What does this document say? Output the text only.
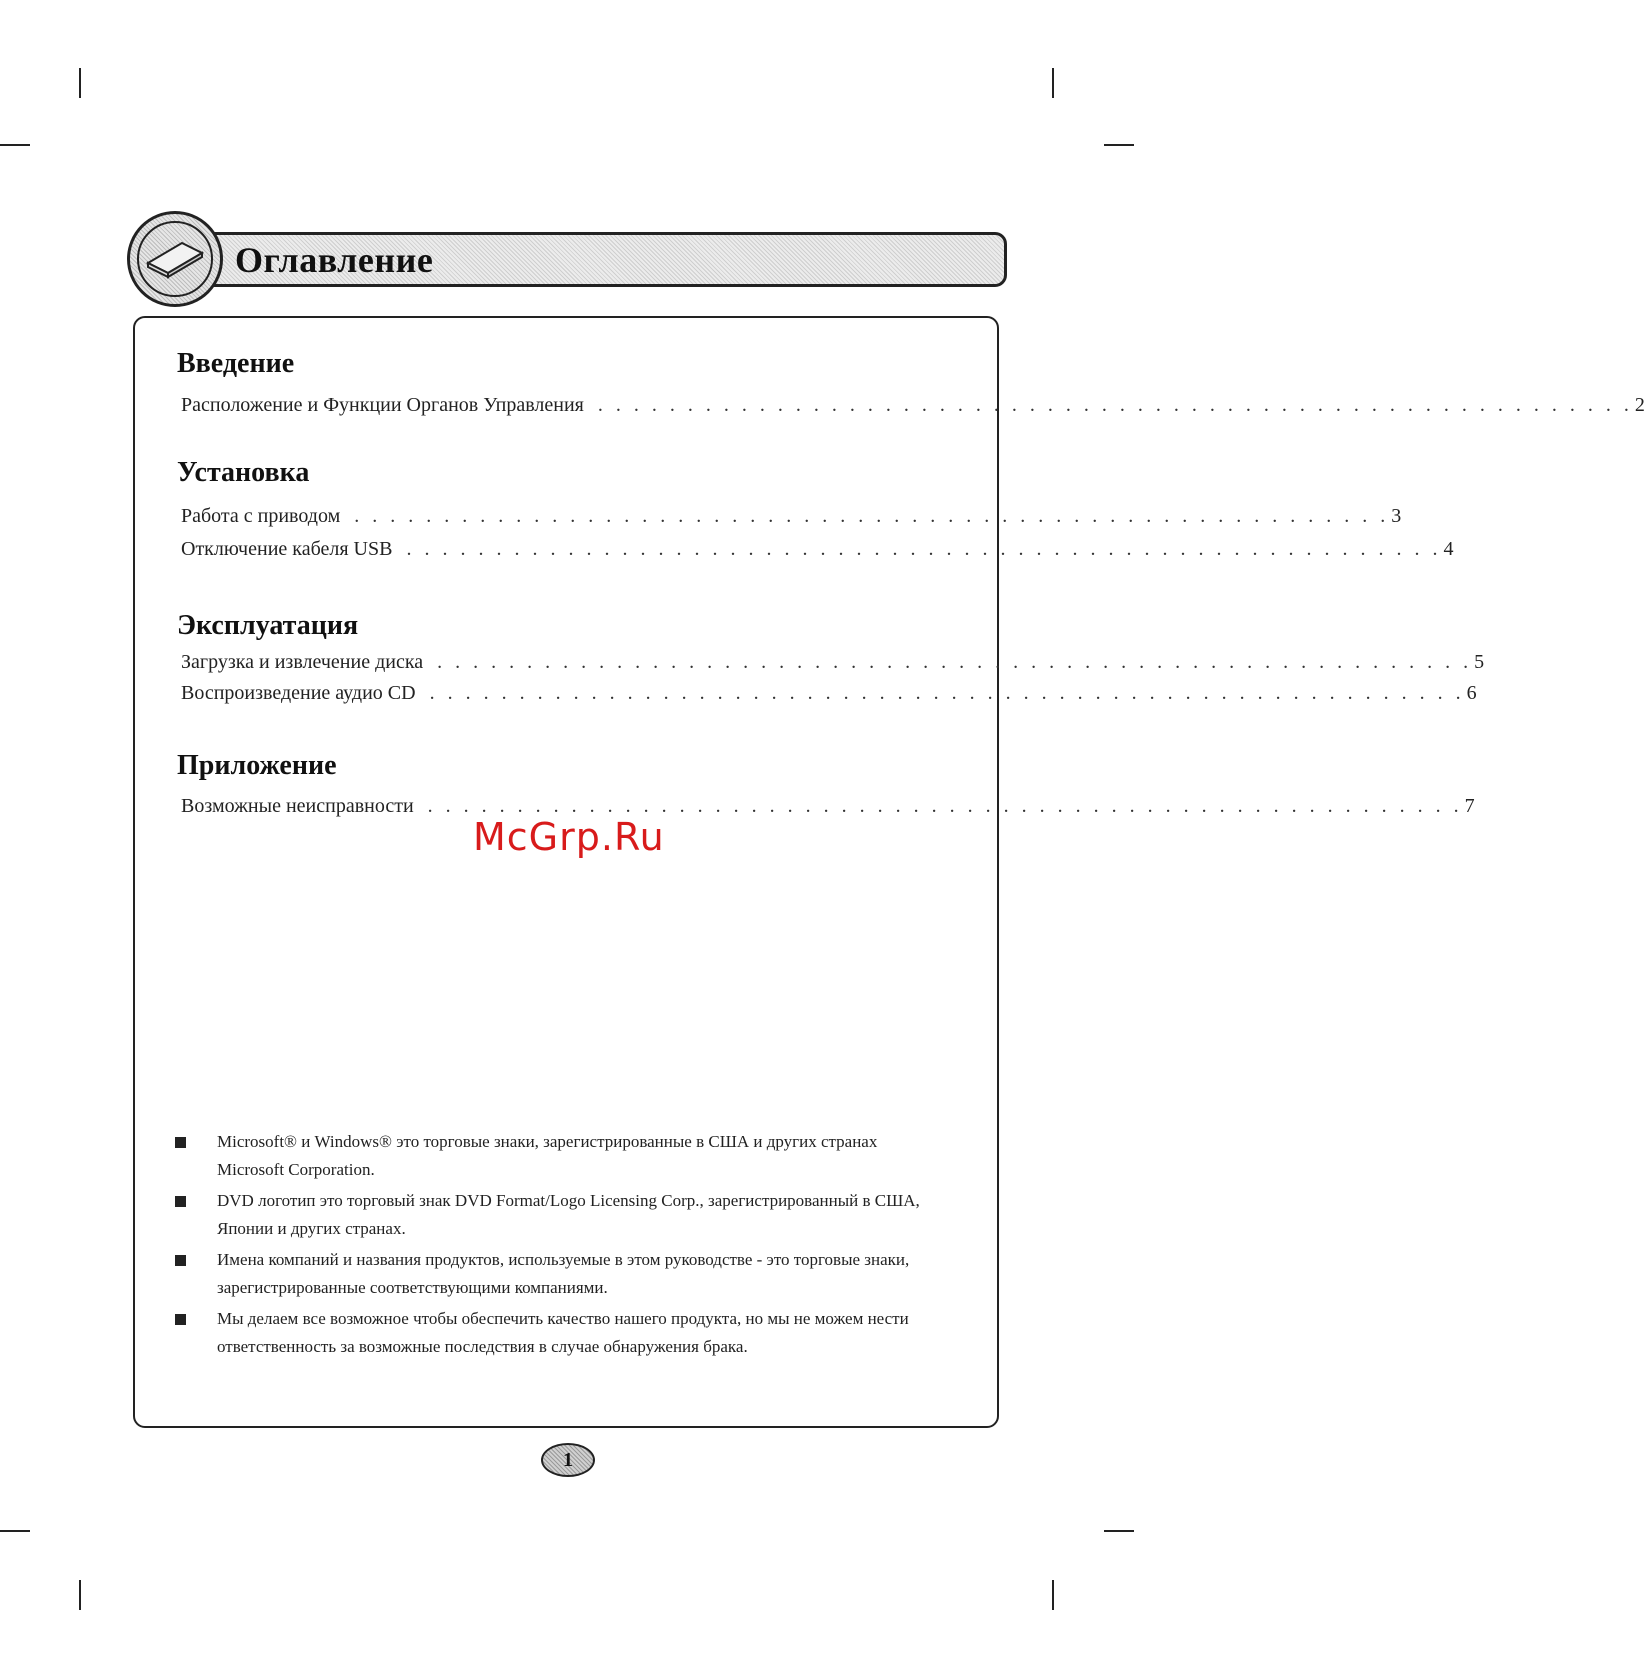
Оглавление
Введение
Расположение и Функции Органов Управления . . . . . . . . . . . . . . . . . . . . . . . . . . . . . . . . . . . . . . . . . . . . . . . . . . . . . . . . . . 2
Установка
Работа с приводом . . . . . . . . . . . . . . . . . . . . . . . . . . . . . . . . . . . . . . . . . . . . . . . . . . . . . . . . . . 3
Отключение кабеля USB . . . . . . . . . . . . . . . . . . . . . . . . . . . . . . . . . . . . . . . . . . . . . . . . . . . . . . . . . . 4
Эксплуатация
Загрузка и извлечение диска . . . . . . . . . . . . . . . . . . . . . . . . . . . . . . . . . . . . . . . . . . . . . . . . . . . . . . . . . . 5
Воспроизведение аудио CD . . . . . . . . . . . . . . . . . . . . . . . . . . . . . . . . . . . . . . . . . . . . . . . . . . . . . . . . . . 6
Приложение
Возможные неисправности . . . . . . . . . . . . . . . . . . . . . . . . . . . . . . . . . . . . . . . . . . . . . . . . . . . . . . . . . . 7
Microsoft® и Windows® это торговые знаки, зарегистрированные в США и других странах Microsoft Corporation.
DVD логотип это торговый знак DVD Format/Logo Licensing Corp., зарегистрированный в США, Японии и других странах.
Имена компаний и названия продуктов, используемые в этом руководстве - это торговые знаки, зарегистрированные соответствующими компаниями.
Мы делаем все возможное чтобы обеспечить качество нашего продукта, но мы не можем нести ответственность за возможные последствия в случае обнаружения брака.
McGrp.Ru
1
